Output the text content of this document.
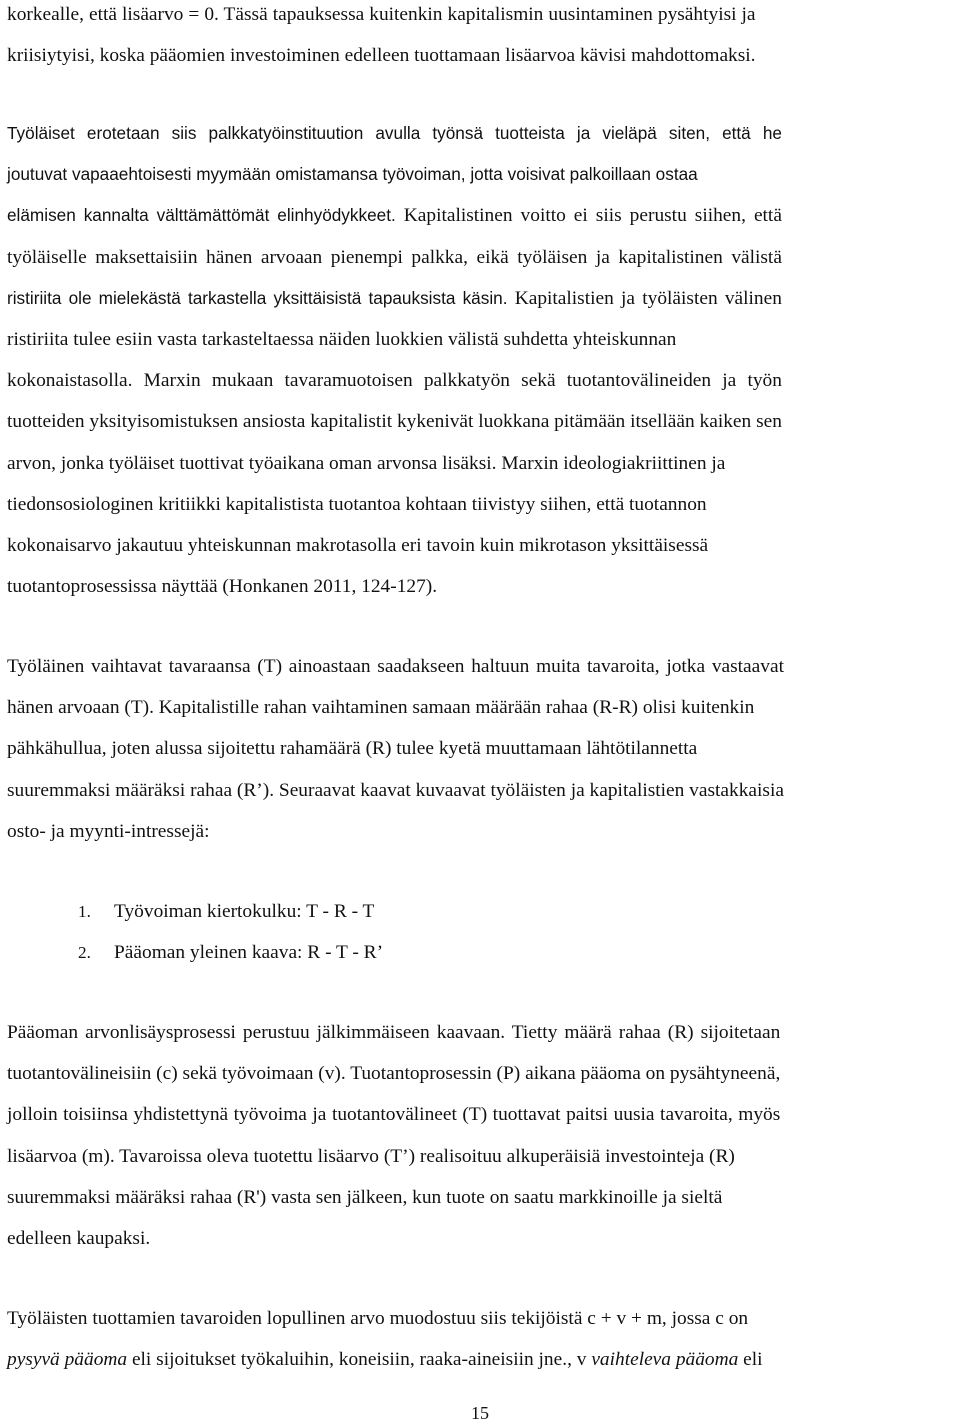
korkealle, että lisäarvo = 0. Tässä tapauksessa kuitenkin kapitalismin uusintaminen pysähtyisi ja
kriisiytyisi, koska pääomien investoiminen edelleen tuottamaan lisäarvoa kävisi mahdottomaksi.

Työläiset erotetaan siis palkkatyöinstituution avulla työnsä tuotteista ja vieläpä siten, että he
joutuvat vapaaehtoisesti myymään omistamansa työvoiman, jotta voisivat palkoillaan ostaa
elämisen kannalta välttämättömät elinhyödykkeet. Kapitalistinen voitto ei siis perustu siihen, että
työläiselle maksettaisiin hänen arvoaan pienempi palkka, eikä työläisen ja kapitalistinen välistä
ristiriita ole mielekästä tarkastella yksittäisistä tapauksista käsin. Kapitalistien ja työläisten välinen
ristiriita tulee esiin vasta tarkasteltaessa näiden luokkien välistä suhdetta yhteiskunnan
kokonaistasolla. Marxin mukaan tavaramuotoisen palkkatyön sekä tuotantovälineiden ja työn
tuotteiden yksityisomistuksen ansiosta kapitalistit kykenivät luokkana pitämään itsellään kaiken sen
arvon, jonka työläiset tuottivat työaikana oman arvonsa lisäksi. Marxin ideologiakriittinen ja
tiedonsosiologinen kritiikki kapitalistista tuotantoa kohtaan tiivistyy siihen, että tuotannon
kokonaisarvo jakautuu yhteiskunnan makrotasolla eri tavoin kuin mikrotason yksittäisessä
tuotantoprosessissa näyttää (Honkanen 2011, 124-127).

Työläinen vaihtavat tavaraansa (T) ainoastaan saadakseen haltuun muita tavaroita, jotka vastaavat
hänen arvoaan (T). Kapitalistille rahan vaihtaminen samaan määrään rahaa (R-R) olisi kuitenkin
pähkähullua, joten alussa sijoitettu rahamäärä (R) tulee kyetä muuttamaan lähtötilannetta
suuremmaksi määräksi rahaa (R’). Seuraavat kaavat kuvaavat työläisten ja kapitalistien vastakkaisia
osto- ja myynti-intressejä:

1. Työvoiman kiertokulku: T - R - T
2. Pääoman yleinen kaava: R - T - R’

Pääoman arvonlisäysprosessi perustuu jälkimmäiseen kaavaan. Tietty määrä rahaa (R) sijoitetaan
tuotantovälineisiin (c) sekä työvoimaan (v). Tuotantoprosessin (P) aikana pääoma on pysähtyneenä,
jolloin toisiinsa yhdistettynä työvoima ja tuotantovälineet (T) tuottavat paitsi uusia tavaroita, myös
lisäarvoa (m). Tavaroissa oleva tuotettu lisäarvo (T’) realisoituu alkuperäisiä investointeja (R)
suuremmaksi määräksi rahaa (R') vasta sen jälkeen, kun tuote on saatu markkinoille ja sieltä
edelleen kaupaksi.

Työläisten tuottamien tavaroiden lopullinen arvo muodostuu siis tekijöistä c + v + m, jossa c on
pysyvä pääoma eli sijoitukset työkaluihin, koneisiin, raaka-aineisiin jne., v vaihteleva pääoma eli

15
